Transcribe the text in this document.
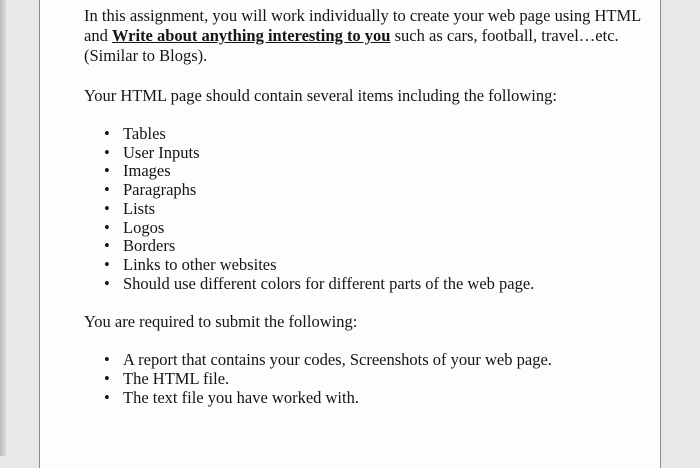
In this assignment, you will work individually to create your web page using HTML and Write about anything interesting to you such as cars, football, travel…etc. (Similar to Blogs).

Your HTML page should contain several items including the following:

• Tables
• User Inputs
• Images
• Paragraphs
• Lists
• Logos
• Borders
• Links to other websites
• Should use different colors for different parts of the web page.

You are required to submit the following:

• A report that contains your codes, Screenshots of your web page.
• The HTML file.
• The text file you have worked with.
